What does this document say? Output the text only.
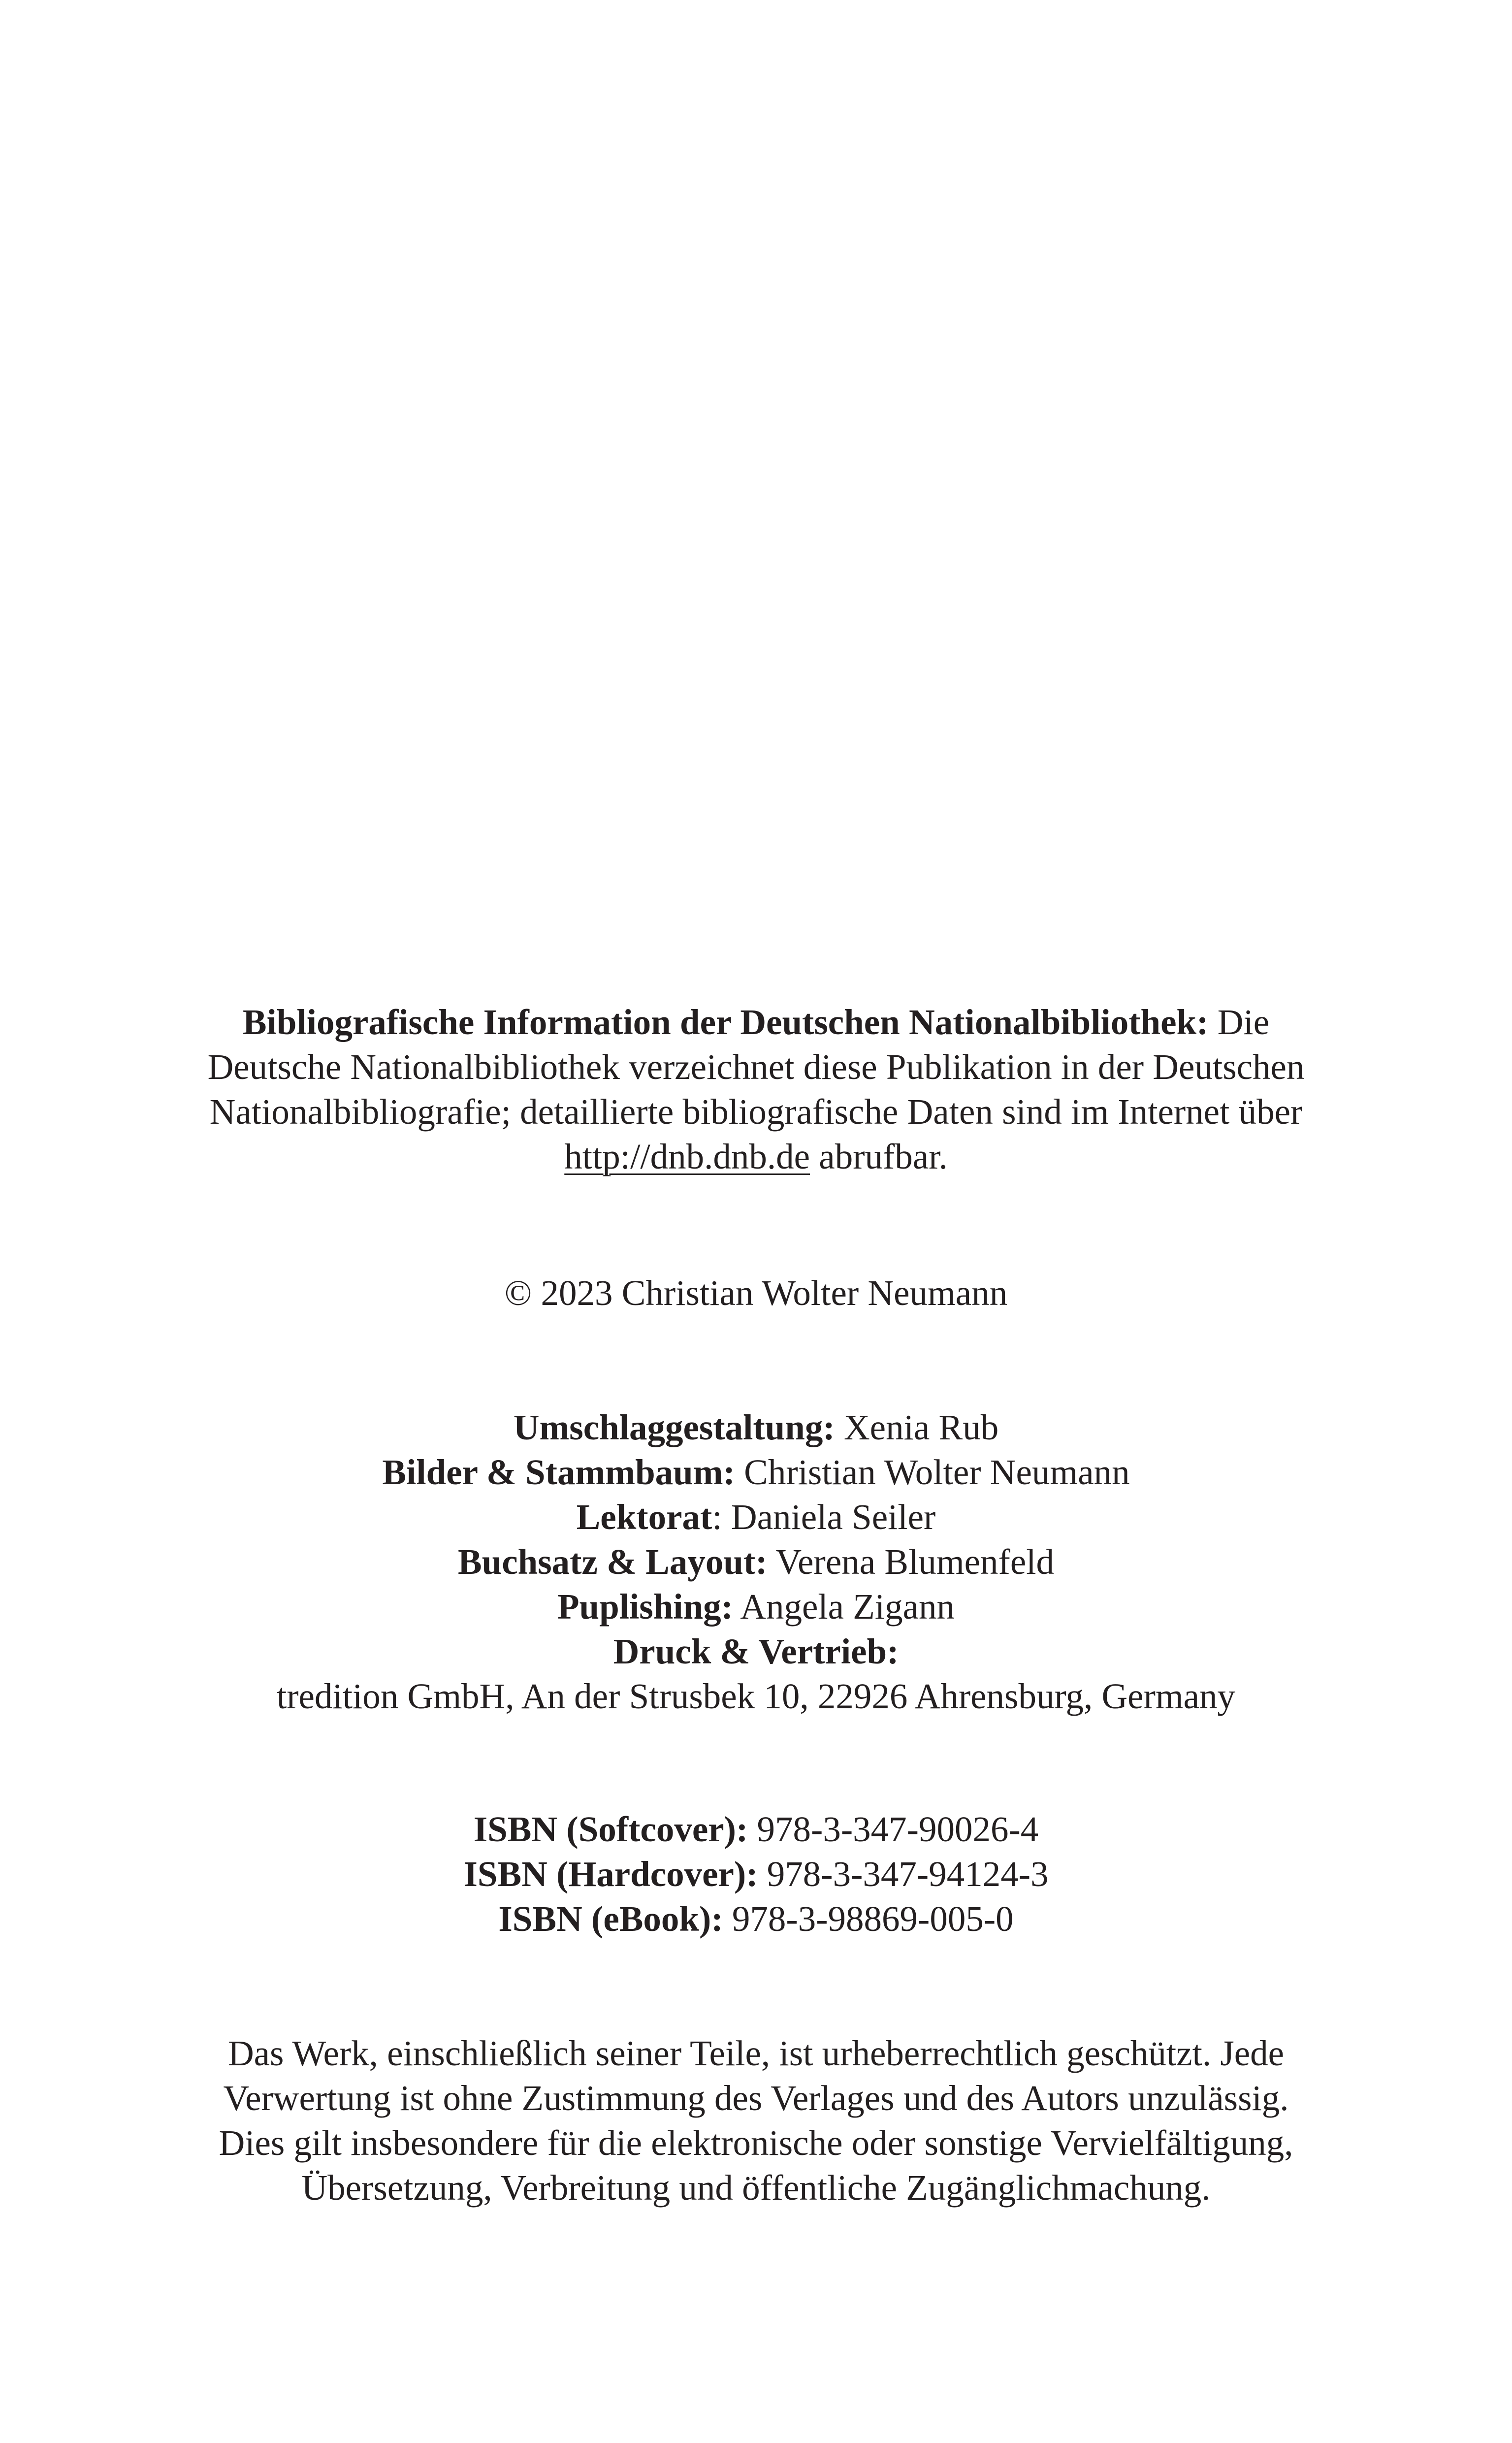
Bibliografische Information der Deutschen Nationalbibliothek: Die
Deutsche Nationalbibliothek verzeichnet diese Publikation in der Deutschen
Nationalbibliografie; detaillierte bibliografische Daten sind im Internet über
http://dnb.dnb.de abrufbar.
© 2023 Christian Wolter Neumann
Umschlaggestaltung: Xenia Rub
Bilder & Stammbaum: Christian Wolter Neumann
Lektorat: Daniela Seiler
Buchsatz & Layout: Verena Blumenfeld
Puplishing: Angela Zigann
Druck & Vertrieb:
tredition GmbH, An der Strusbek 10, 22926 Ahrensburg, Germany
ISBN (Softcover): 978-3-347-90026-4
ISBN (Hardcover): 978-3-347-94124-3
ISBN (eBook): 978-3-98869-005-0
Das Werk, einschließlich seiner Teile, ist urheberrechtlich geschützt. Jede
Verwertung ist ohne Zustimmung des Verlages und des Autors unzulässig.
Dies gilt insbesondere für die elektronische oder sonstige Vervielfältigung,
Übersetzung, Verbreitung und öffentliche Zugänglichmachung.
